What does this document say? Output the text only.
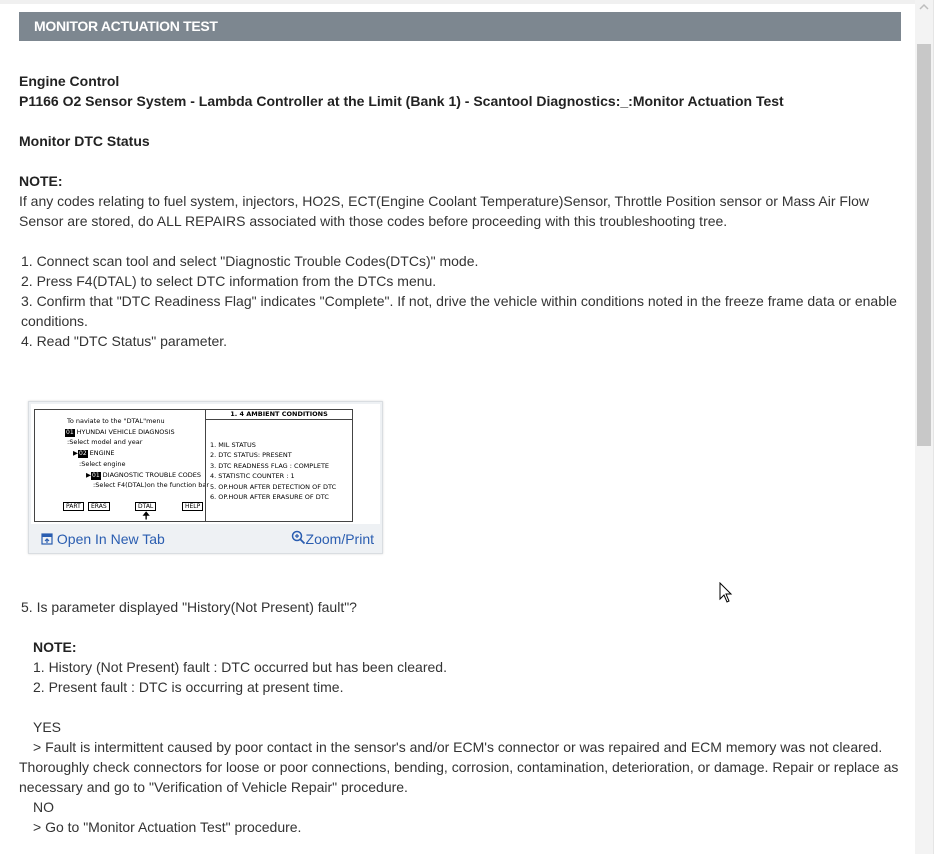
MONITOR ACTUATION TEST

Engine Control

P1166 O2 Sensor System - Lambda Controller at the Limit (Bank 1) - Scantool Diagnostics:_:Monitor Actuation Test

Monitor DTC Status

NOTE:

If any codes relating to fuel system, injectors, HO2S, ECT(Engine Coolant Temperature)Sensor, Throttle Position sensor or Mass Air Flow Sensor are stored, do ALL REPAIRS associated with those codes before proceeding with this troubleshooting tree.

1. Connect scan tool and select "Diagnostic Trouble Codes(DTCs)" mode.

2. Press F4(DTAL) to select DTC information from the DTCs menu.

3. Confirm that "DTC Readiness Flag" indicates "Complete". If not, drive the vehicle within conditions noted in the freeze frame data or enable conditions.

4. Read "DTC Status" parameter.

To naviate to the "DTAL"menu
01 HYUNDAI VEHICLE DIAGNOSIS
:Select model and year
▶02 ENGINE
:Select engine
▶01 DIAGNOSTIC TROUBLE CODES
:Select F4(DTAL)on the function bar
PART	ERAS	DTAL	HELP
🠉
1. 4 AMBIENT CONDITIONS
1. MIL STATUS
2. DTC STATUS: PRESENT
3. DTC READNESS FLAG : COMPLETE
4. STATISTIC COUNTER : 1
5. OP.HOUR AFTER DETECTION OF DTC
6. OP.HOUR AFTER ERASURE OF DTC
Open In New Tab	Zoom/Print

5. Is parameter displayed "History(Not Present) fault"?

NOTE:

1. History (Not Present) fault : DTC occurred but has been cleared.

2. Present fault : DTC is occurring at present time.

YES

> Fault is intermittent caused by poor contact in the sensor's and/or ECM's connector or was repaired and ECM memory was not cleared. Thoroughly check connectors for loose or poor connections, bending, corrosion, contamination, deterioration, or damage. Repair or replace as necessary and go to "Verification of Vehicle Repair" procedure.

NO

> Go to "Monitor Actuation Test" procedure.
